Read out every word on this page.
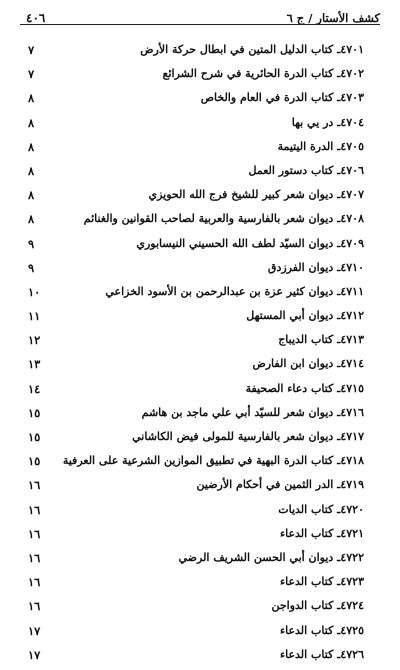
كشف الأستار / ج ٦
٤٠٦
٤٧٠١ـ كتاب الدليل المتين في ابطال حركة الأرض
٧
٤٧٠٢ـ كتاب الدرة الحائرية في شرح الشرائع
٧
٤٧٠٣ـ كتاب الدرة في العام والخاص
٨
٤٧٠٤ـ در يي بها
٨
٤٧٠٥ـ الدرة اليتيمة
٨
٤٧٠٦ـ كتاب دستور العمل
٨
٤٧٠٧ـ ديوان شعر كبير للشيخ فرج الله الحويزي
٨
٤٧٠٨ـ ديوان شعر بالفارسية والعربية لصاحب القوانين والغنائم
٨
٤٧٠٩ـ ديوان السيّد لطف الله الحسيني النيسابوري
٩
٤٧١٠ـ ديوان الفرزدق
٩
٤٧١١ـ ديوان كثير عزة بن عبدالرحمن بن الأسود الخزاعي
١٠
٤٧١٢ـ ديوان أبي المستهل
١١
٤٧١٣ـ كتاب الديباج
١٢
٤٧١٤ـ ديوان ابن الفارض
١٣
٤٧١٥ـ كتاب دعاء الصحيفة
١٤
٤٧١٦ـ ديوان شعر للسيّد أبي علي ماجد بن هاشم
١٥
٤٧١٧ـ ديوان شعر بالفارسية للمولى فيض الكاشاني
١٥
٤٧١٨ـ كتاب الدرة البهية في تطبيق الموازين الشرعية على العرفية
١٥
٤٧١٩ـ الدر الثمين في أحكام الأرضين
١٦
٤٧٢٠ـ كتاب الديات
١٦
٤٧٢١ـ كتاب الدعاء
١٦
٤٧٢٢ـ ديوان أبي الحسن الشريف الرضي
١٦
٤٧٢٣ـ كتاب الدعاء
١٦
٤٧٢٤ـ كتاب الدواجن
١٦
٤٧٢٥ـ كتاب الدعاء
١٧
٤٧٢٦ـ كتاب الدعاء
١٧
